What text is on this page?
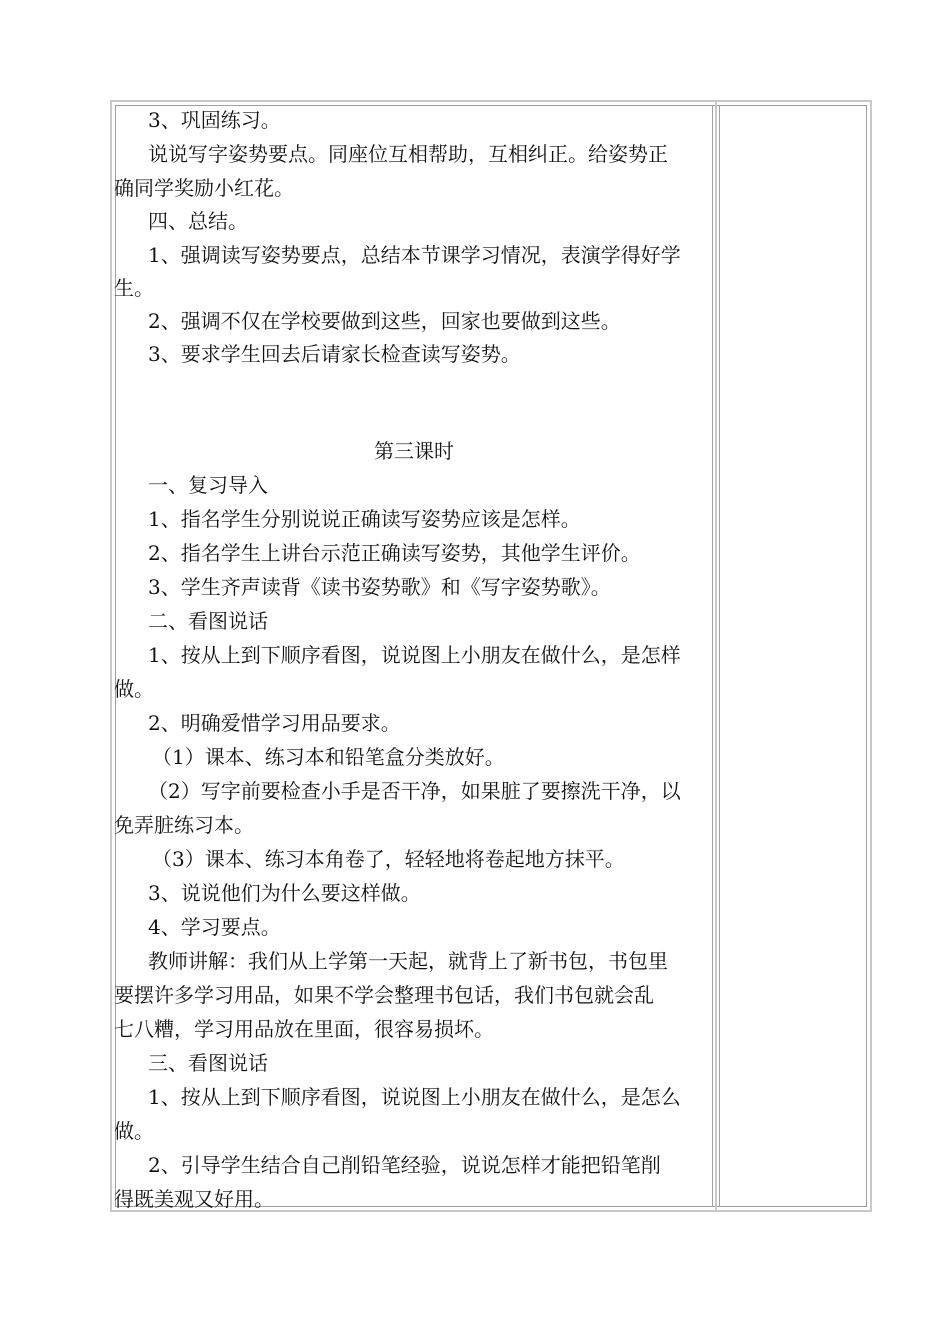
3、巩固练习。

说说写字姿势要点。同座位互相帮助，互相纠正。给姿势正

确同学奖励小红花。

四、总结。

1、强调读写姿势要点，总结本节课学习情况，表演学得好学

生。

2、强调不仅在学校要做到这些，回家也要做到这些。

3、要求学生回去后请家长检查读写姿势。

第三课时

一、复习导入

1、指名学生分别说说正确读写姿势应该是怎样。

2、指名学生上讲台示范正确读写姿势，其他学生评价。

3、学生齐声读背《读书姿势歌》和《写字姿势歌》。

二、看图说话

1、按从上到下顺序看图，说说图上小朋友在做什么，是怎样

做。

2、明确爱惜学习用品要求。

（1）课本、练习本和铅笔盒分类放好。

（2）写字前要检查小手是否干净，如果脏了要擦洗干净，以

免弄脏练习本。

（3）课本、练习本角卷了，轻轻地将卷起地方抹平。

3、说说他们为什么要这样做。

4、学习要点。

教师讲解：我们从上学第一天起，就背上了新书包，书包里

要摆许多学习用品，如果不学会整理书包话，我们书包就会乱

七八糟，学习用品放在里面，很容易损坏。

三、看图说话

1、按从上到下顺序看图，说说图上小朋友在做什么，是怎么

做。

2、引导学生结合自己削铅笔经验，说说怎样才能把铅笔削

得既美观又好用。
